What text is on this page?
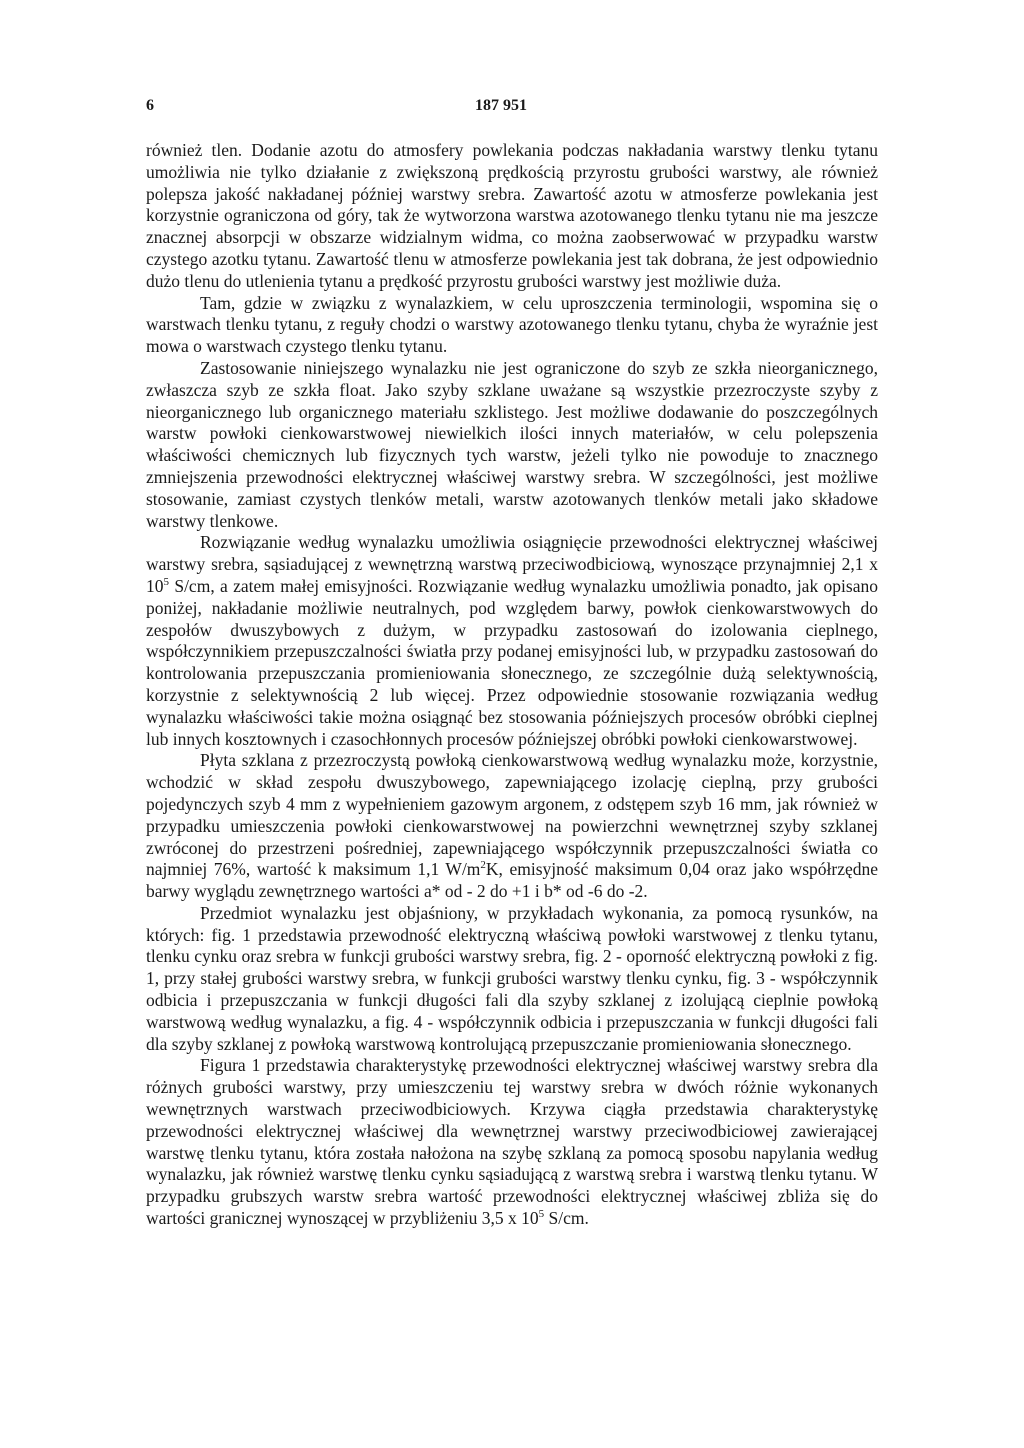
6	187 951

również tlen. Dodanie azotu do atmosfery powlekania podczas nakładania warstwy tlenku tytanu umożliwia nie tylko działanie z zwiększoną prędkością przyrostu grubości warstwy, ale również polepsza jakość nakładanej później warstwy srebra. Zawartość azotu w atmosferze powlekania jest korzystnie ograniczona od góry, tak że wytworzona warstwa azotowanego tlenku tytanu nie ma jeszcze znacznej absorpcji w obszarze widzialnym widma, co można zaobserwować w przypadku warstw czystego azotku tytanu. Zawartość tlenu w atmosferze powlekania jest tak dobrana, że jest odpowiednio dużo tlenu do utlenienia tytanu a prędkość przyrostu grubości warstwy jest możliwie duża.

Tam, gdzie w związku z wynalazkiem, w celu uproszczenia terminologii, wspomina się o warstwach tlenku tytanu, z reguły chodzi o warstwy azotowanego tlenku tytanu, chyba że wyraźnie jest mowa o warstwach czystego tlenku tytanu.

Zastosowanie niniejszego wynalazku nie jest ograniczone do szyb ze szkła nieorganicznego, zwłaszcza szyb ze szkła float. Jako szyby szklane uważane są wszystkie przezroczyste szyby z nieorganicznego lub organicznego materiału szklistego. Jest możliwe dodawanie do poszczególnych warstw powłoki cienkowarstwowej niewielkich ilości innych materiałów, w celu polepszenia właściwości chemicznych lub fizycznych tych warstw, jeżeli tylko nie powoduje to znacznego zmniejszenia przewodności elektrycznej właściwej warstwy srebra. W szczególności, jest możliwe stosowanie, zamiast czystych tlenków metali, warstw azotowanych tlenków metali jako składowe warstwy tlenkowe.

Rozwiązanie według wynalazku umożliwia osiągnięcie przewodności elektrycznej właściwej warstwy srebra, sąsiadującej z wewnętrzną warstwą przeciwodbiciową, wynoszące przynajmniej 2,1 x $10^5$ S/cm, a zatem małej emisyjności. Rozwiązanie według wynalazku umożliwia ponadto, jak opisano poniżej, nakładanie możliwie neutralnych, pod względem barwy, powłok cienkowarstwowych do zespołów dwuszybowych z dużym, w przypadku zastosowań do izolowania cieplnego, współczynnikiem przepuszczalności światła przy podanej emisyjności lub, w przypadku zastosowań do kontrolowania przepuszczania promieniowania słonecznego, ze szczególnie dużą selektywnością, korzystnie z selektywnością 2 lub więcej. Przez odpowiednie stosowanie rozwiązania według wynalazku właściwości takie można osiągnąć bez stosowania późniejszych procesów obróbki cieplnej lub innych kosztownych i czasochłonnych procesów późniejszej obróbki powłoki cienkowarstwowej.

Płyta szklana z przezroczystą powłoką cienkowarstwową według wynalazku może, korzystnie, wchodzić w skład zespołu dwuszybowego, zapewniającego izolację cieplną, przy grubości pojedynczych szyb 4 mm z wypełnieniem gazowym argonem, z odstępem szyb 16 mm, jak również w przypadku umieszczenia powłoki cienkowarstwowej na powierzchni wewnętrznej szyby szklanej zwróconej do przestrzeni pośredniej, zapewniającego współczynnik przepuszczalności światła co najmniej 76%, wartość k maksimum 1,1 $W/m^2K$, emisyjność maksimum 0,04 oraz jako współrzędne barwy wyglądu zewnętrznego wartości a* od - 2 do +1 i b* od -6 do -2.

Przedmiot wynalazku jest objaśniony, w przykładach wykonania, za pomocą rysunków, na których: fig. 1 przedstawia przewodność elektryczną właściwą powłoki warstwowej z tlenku tytanu, tlenku cynku oraz srebra w funkcji grubości warstwy srebra, fig. 2 - oporność elektryczną powłoki z fig. 1, przy stałej grubości warstwy srebra, w funkcji grubości warstwy tlenku cynku, fig. 3 - współczynnik odbicia i przepuszczania w funkcji długości fali dla szyby szklanej z izolującą cieplnie powłoką warstwową według wynalazku, a fig. 4 - współczynnik odbicia i przepuszczania w funkcji długości fali dla szyby szklanej z powłoką warstwową kontrolującą przepuszczanie promieniowania słonecznego.

Figura 1 przedstawia charakterystykę przewodności elektrycznej właściwej warstwy srebra dla różnych grubości warstwy, przy umieszczeniu tej warstwy srebra w dwóch różnie wykonanych wewnętrznych warstwach przeciwodbiciowych. Krzywa ciągła przedstawia charakterystykę przewodności elektrycznej właściwej dla wewnętrznej warstwy przeciwodbiciowej zawierającej warstwę tlenku tytanu, która została nałożona na szybę szklaną za pomocą sposobu napylania według wynalazku, jak również warstwę tlenku cynku sąsiadującą z warstwą srebra i warstwą tlenku tytanu. W przypadku grubszych warstw srebra wartość przewodności elektrycznej właściwej zbliża się do wartości granicznej wynoszącej w przybliżeniu 3,5 x $10^5$ S/cm.
